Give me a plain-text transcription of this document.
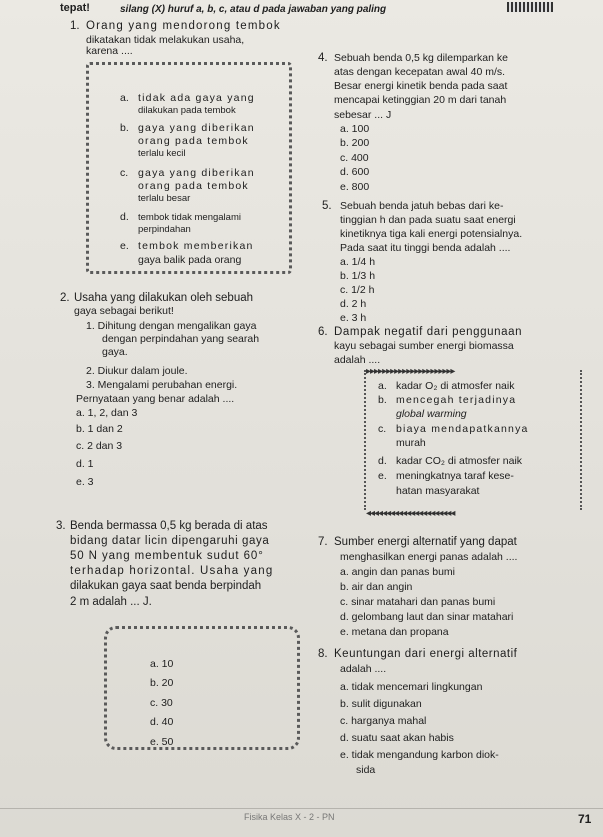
tepat!	silang (X) huruf a, b, c, atau d pada jawaban yang paling
1. Orang yang mendorong tembok
dikatakan tidak melakukan usaha,
karena ....
a. tidak ada gaya yang
dilakukan pada tembok
b. gaya yang diberikan
orang pada tembok
terlalu kecil
c. gaya yang diberikan
orang pada tembok
terlalu besar
d. tembok tidak mengalami
perpindahan
e. tembok memberikan
gaya balik pada orang
2. Usaha yang dilakukan oleh sebuah
gaya sebagai berikut!
1. Dihitung dengan mengalikan gaya
dengan perpindahan yang searah
gaya.
2. Diukur dalam joule.
3. Mengalami perubahan energi.
Pernyataan yang benar adalah ....
a. 1, 2, dan 3
b. 1 dan 2
c. 2 dan 3
d. 1
e. 3
3. Benda bermassa 0,5 kg berada di atas
bidang datar licin dipengaruhi gaya
50 N yang membentuk sudut 60°
terhadap horizontal. Usaha yang
dilakukan gaya saat benda berpindah
2 m adalah ... J.
a. 10
b. 20
c. 30
d. 40
e. 50
4. Sebuah benda 0,5 kg dilemparkan ke
atas dengan kecepatan awal 40 m/s.
Besar energi kinetik benda pada saat
mencapai ketinggian 20 m dari tanah
sebesar ... J
a. 100
b. 200
c. 400
d. 600
e. 800
5. Sebuah benda jatuh bebas dari ke-
tinggian h dan pada suatu saat energi
kinetiknya tiga kali energi potensialnya.
Pada saat itu tinggi benda adalah ....
a. 1/4 h
b. 1/3 h
c. 1/2 h
d. 2 h
e. 3 h
6. Dampak negatif dari penggunaan
kayu sebagai sumber energi biomassa
adalah ....
▸▸▸▸▸▸▸▸▸▸▸▸▸▸▸▸▸▸▸▸▸▸
◂◂◂◂◂◂◂◂◂◂◂◂◂◂◂◂◂◂◂◂◂◂
a. kadar O₂ di atmosfer naik
b. mencegah terjadinya
global warming
c. biaya mendapatkannya
murah
d. kadar CO₂ di atmosfer naik
e. meningkatnya taraf kese-
hatan masyarakat
7. Sumber energi alternatif yang dapat
menghasilkan energi panas adalah ....
a. angin dan panas bumi
b. air dan angin
c. sinar matahari dan panas bumi
d. gelombang laut dan sinar matahari
e. metana dan propana
8. Keuntungan dari energi alternatif
adalah ....
a. tidak mencemari lingkungan
b. sulit digunakan
c. harganya mahal
d. suatu saat akan habis
e. tidak mengandung karbon diok-
sida
Fisika Kelas X - 2 - PN	71
